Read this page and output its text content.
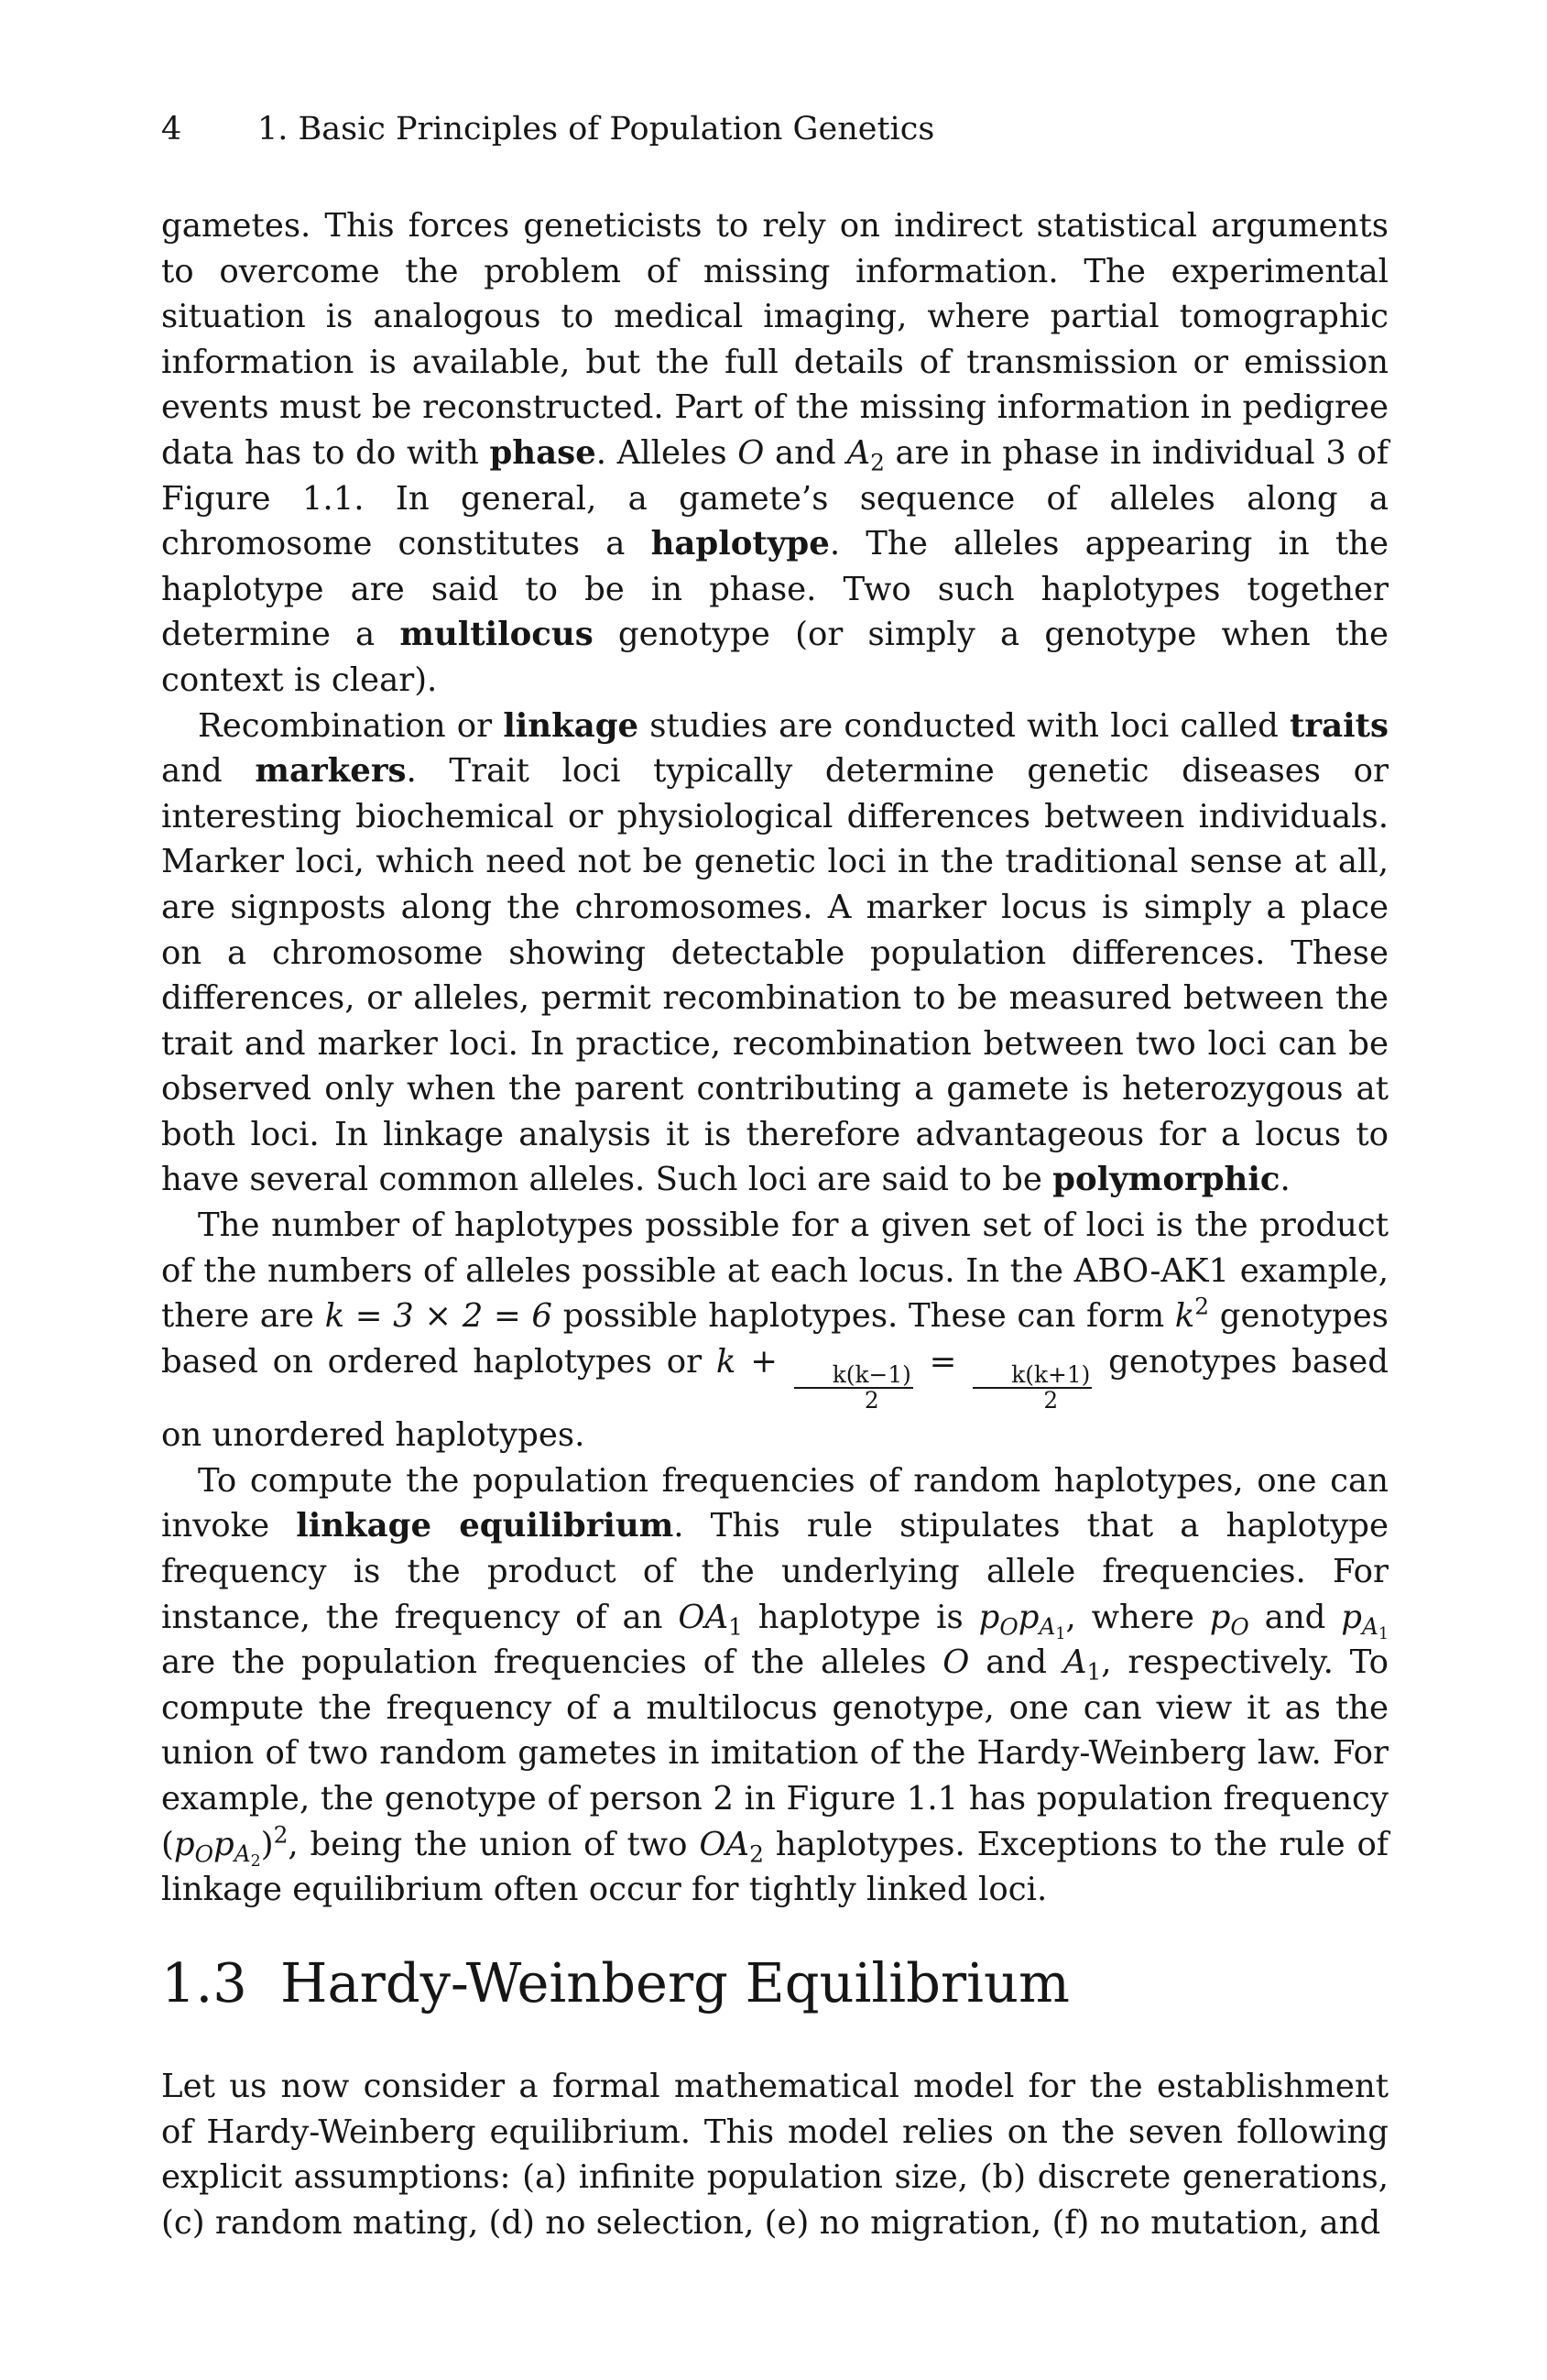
4 1. Basic Principles of Population Genetics

gametes. This forces geneticists to rely on indirect statistical arguments to overcome the problem of missing information. The experimental situation is analogous to medical imaging, where partial tomographic information is available, but the full details of transmission or emission events must be reconstructed. Part of the missing information in pedigree data has to do with phase. Alleles O and $A_2$ are in phase in individual 3 of Figure 1.1. In general, a gamete’s sequence of alleles along a chromosome constitutes a haplotype. The alleles appearing in the haplotype are said to be in phase. Two such haplotypes together determine a multilocus genotype (or simply a genotype when the context is clear).

Recombination or linkage studies are conducted with loci called traits and markers. Trait loci typically determine genetic diseases or interesting biochemical or physiological differences between individuals. Marker loci, which need not be genetic loci in the traditional sense at all, are signposts along the chromosomes. A marker locus is simply a place on a chromosome showing detectable population differences. These differences, or alleles, permit recombination to be measured between the trait and marker loci. In practice, recombination between two loci can be observed only when the parent contributing a gamete is heterozygous at both loci. In linkage analysis it is therefore advantageous for a locus to have several common alleles. Such loci are said to be polymorphic.

The number of haplotypes possible for a given set of loci is the product of the numbers of alleles possible at each locus. In the ABO-AK1 example, there are k = 3 × 2 = 6 possible haplotypes. These can form $k^2$ genotypes based on ordered haplotypes or k +
$\frac{k(k-1)}{2}$
=
$\frac{k(k+1)}{2}$
genotypes based on unordered haplotypes.

To compute the population frequencies of random haplotypes, one can invoke linkage equilibrium. This rule stipulates that a haplotype frequency is the product of the underlying allele frequencies. For instance, the frequency of an $OA_1$ haplotype is $p_Op_{A_1}$, where $p_O$ and $p_{A_1}$ are the population frequencies of the alleles O and $A_1$, respectively. To compute the frequency of a multilocus genotype, one can view it as the union of two random gametes in imitation of the Hardy-Weinberg law. For example, the genotype of person 2 in Figure 1.1 has population frequency $(p_Op_{A_2})^2$, being the union of two $OA_2$ haplotypes. Exceptions to the rule of linkage equilibrium often occur for tightly linked loci.

1.3 Hardy-Weinberg Equilibrium

Let us now consider a formal mathematical model for the establishment of Hardy-Weinberg equilibrium. This model relies on the seven following explicit assumptions: (a) infinite population size, (b) discrete generations, (c) random mating, (d) no selection, (e) no migration, (f) no mutation, and
